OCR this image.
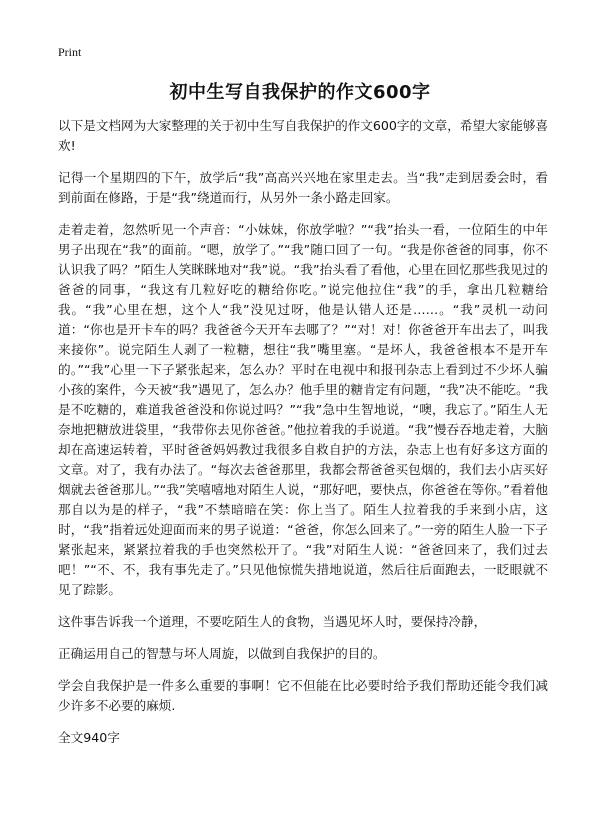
Print
初中生写自我保护的作文600字

以下是文档网为大家整理的关于初中生写自我保护的作文600字的文章，希望大家能够喜欢!

记得一个星期四的下午，放学后“我”高高兴兴地在家里走去。当“我”走到居委会时，看到前面在修路，于是“我”绕道而行，从另外一条小路走回家。

走着走着，忽然听见一个声音：“小妹妹，你放学啦？”“我”抬头一看，一位陌生的中年男子出现在“我”的面前。“嗯，放学了。”“我”随口回了一句。“我是你爸爸的同事，你不认识我了吗？”陌生人笑眯眯地对“我”说。“我”抬头看了看他，心里在回忆那些我见过的爸爸的同事，“我这有几粒好吃的糖给你吃。”说完他拉住“我”的手，拿出几粒糖给我。“我”心里在想，这个人“我”没见过呀，他是认错人还是……。“我”灵机一动问道：“你也是开卡车的吗？我爸爸今天开车去哪了？”“对！对！你爸爸开车出去了，叫我来接你”。说完陌生人剥了一粒糖，想往“我”嘴里塞。“是坏人，我爸爸根本不是开车的。”“我”心里一下子紧张起来，怎么办？平时在电视中和报刊杂志上看到过不少坏人骗小孩的案件，今天被“我”遇见了，怎么办？他手里的糖肯定有问题，“我”决不能吃。“我是不吃糖的，难道我爸爸没和你说过吗？”“我”急中生智地说，“噢，我忘了。”陌生人无奈地把糖放进袋里，“我带你去见你爸爸。”他拉着我的手说道。“我”慢吞吞地走着，大脑却在高速运转着，平时爸爸妈妈教过我很多自救自护的方法，杂志上也有好多这方面的文章。对了，我有办法了。“每次去爸爸那里，我都会帮爸爸买包烟的，我们去小店买好烟就去爸爸那儿。”“我”笑嘻嘻地对陌生人说，“那好吧，要快点，你爸爸在等你。”看着他那自以为是的样子，“我”不禁暗暗在笑：你上当了。陌生人拉着我的手来到小店，这时，“我”指着远处迎面而来的男子说道：“爸爸，你怎么回来了。”一旁的陌生人脸一下子紧张起来，紧紧拉着我的手也突然松开了。“我”对陌生人说：“爸爸回来了，我们过去吧！”“不、不，我有事先走了。”只见他惊慌失措地说道，然后往后面跑去，一眨眼就不见了踪影。

这件事告诉我一个道理，不要吃陌生人的食物，当遇见坏人时，要保持冷静，

正确运用自己的智慧与坏人周旋，以做到自我保护的目的。

学会自我保护是一件多么重要的事啊！它不但能在比必要时给予我们帮助还能令我们减少许多不必要的麻烦.

全文940字
